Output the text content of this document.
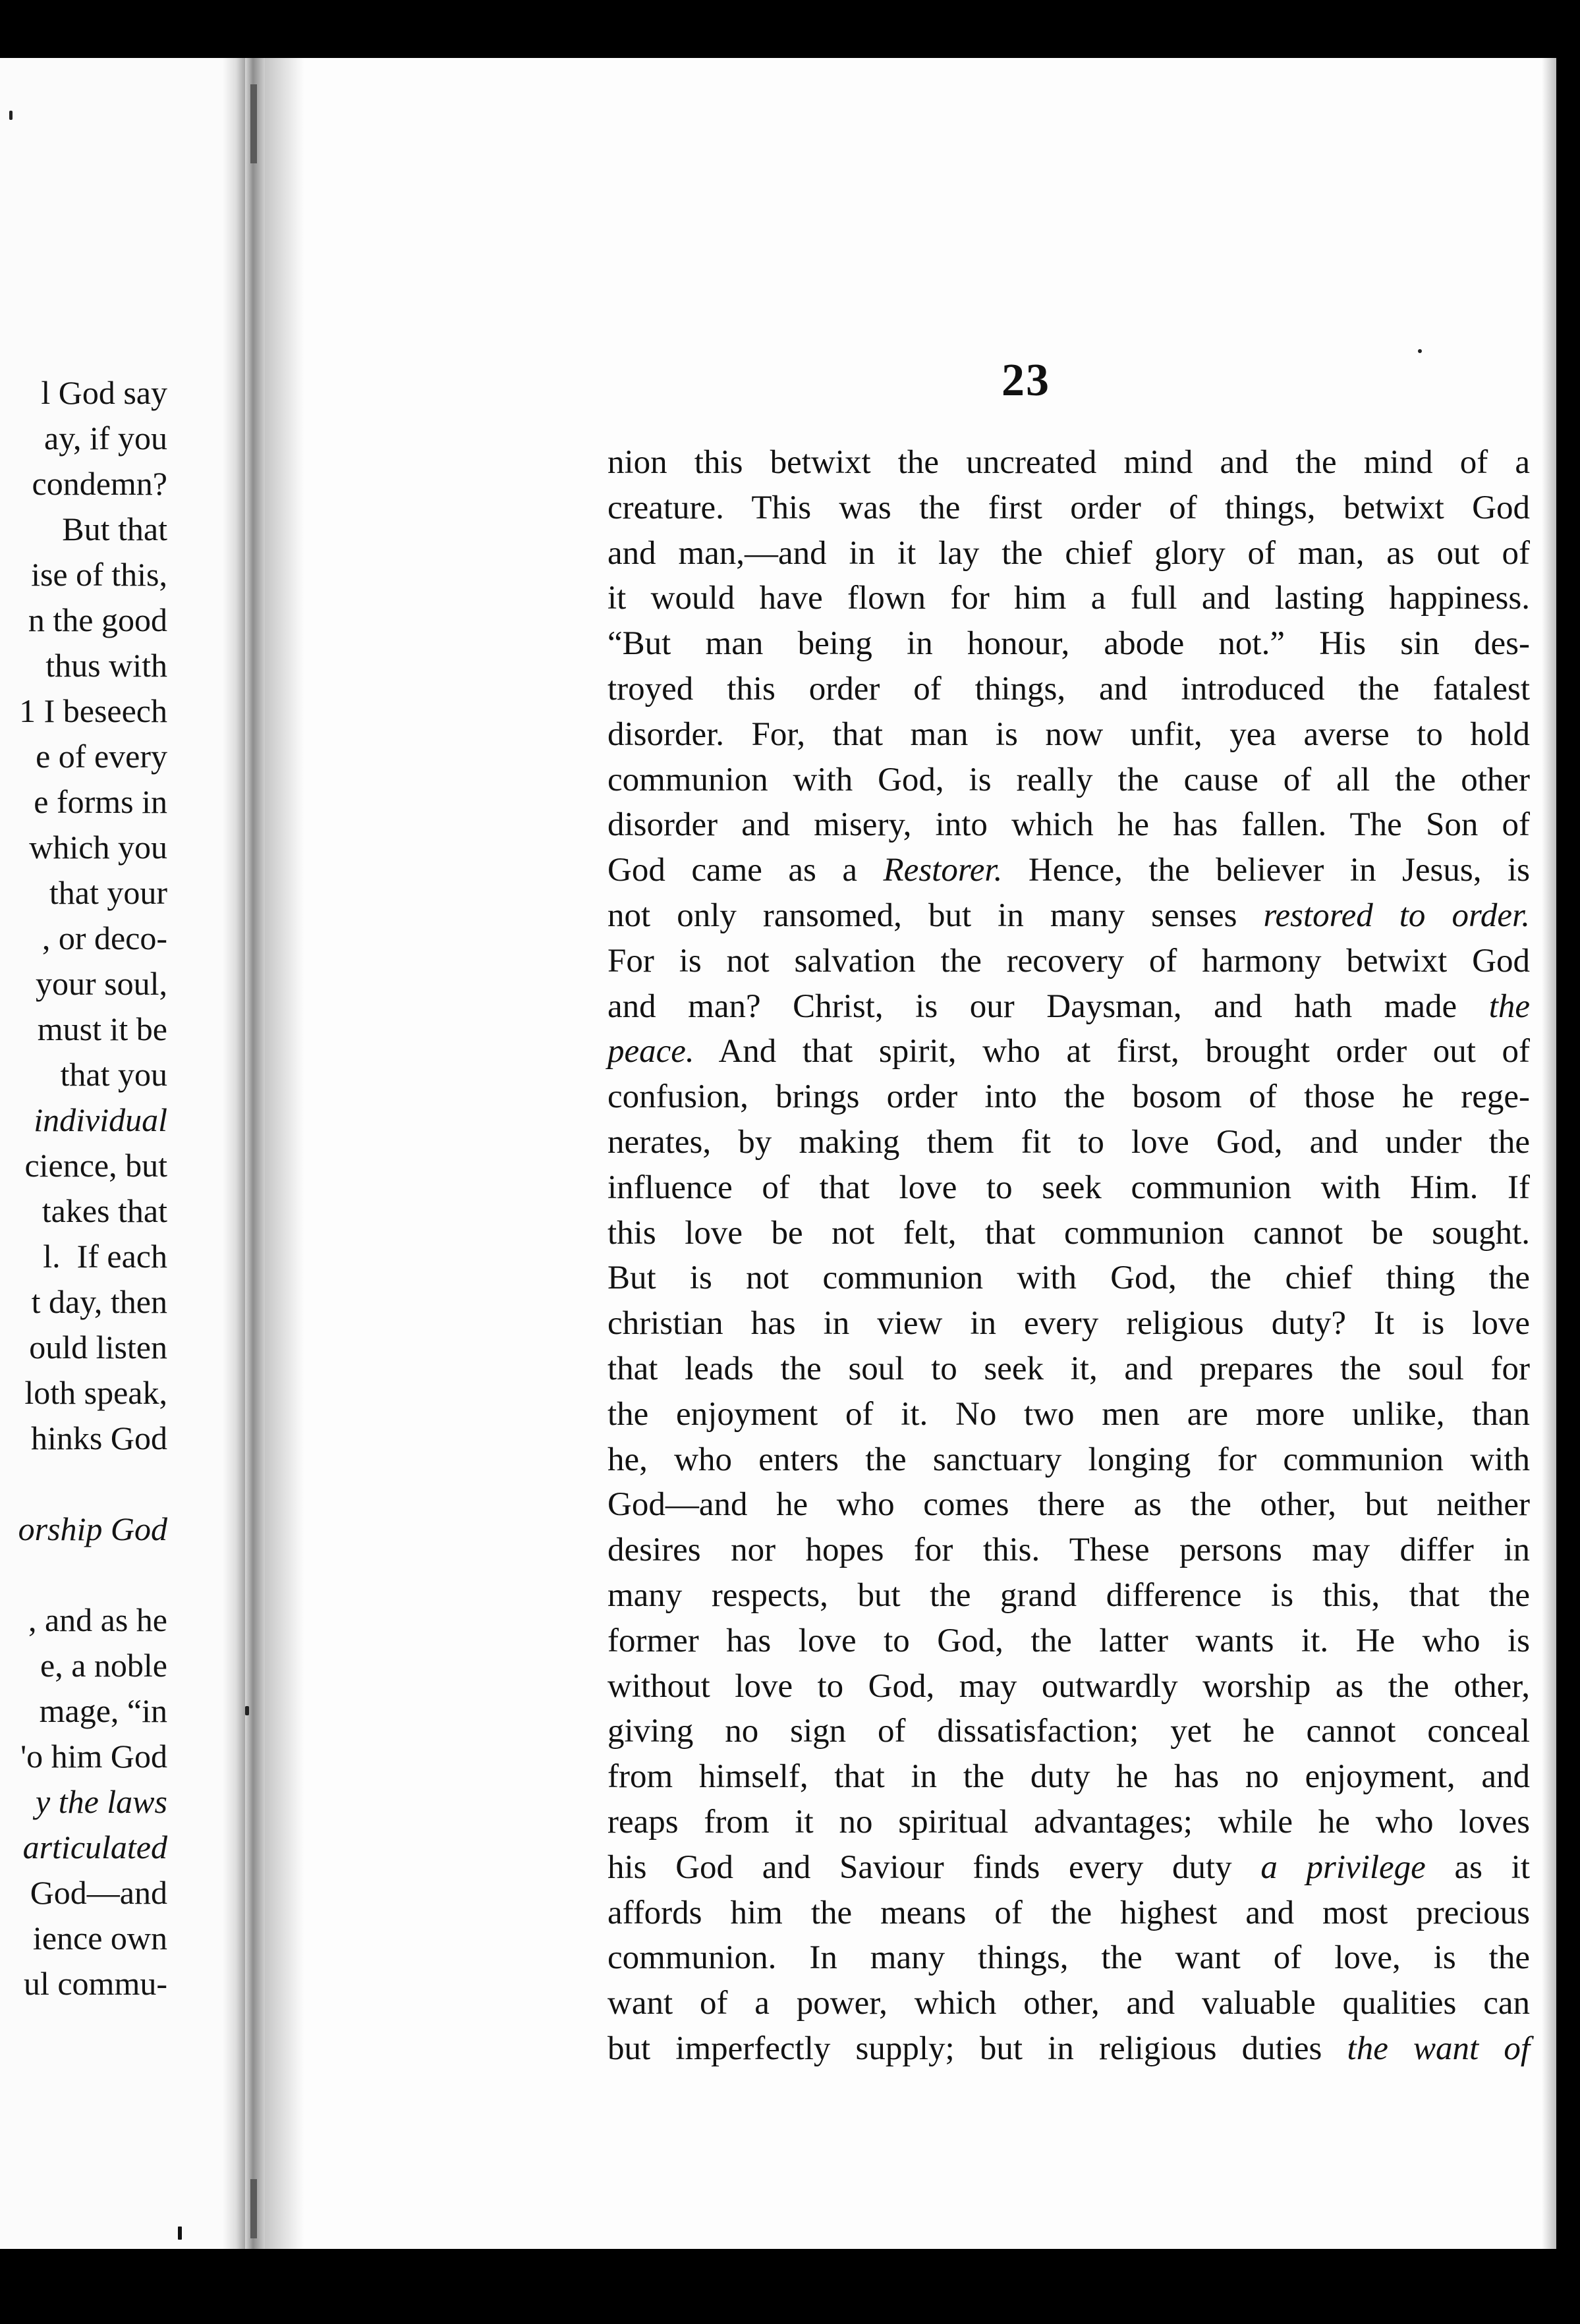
l God say
ay, if you
condemn?
But that
ise of this,
n the good
thus with
1 I beseech
e of every
e forms in
which you
that your
, or deco-
your soul,
must it be
that you
individual
cience, but
takes that
l.  If each
t day, then
ould listen
loth speak,
hinks God
orship God
, and as he
e, a noble
mage, “in
'o him God
y the laws
articulated
God—and
ience own
ul commu-
23
nion this betwixt the uncreated mind and the mind of a
creature. This was the first order of things, betwixt God
and man,—and in it lay the chief glory of man, as out of
it would have flown for him a full and lasting happiness.
“But man being in honour, abode not.” His sin des-
troyed this order of things, and introduced the fatalest
disorder. For, that man is now unfit, yea averse to hold
communion with God, is really the cause of all the other
disorder and misery, into which he has fallen. The Son of
God came as a Restorer. Hence, the believer in Jesus, is
not only ransomed, but in many senses restored to order.
For is not salvation the recovery of harmony betwixt God
and man? Christ, is our Daysman, and hath made the
peace. And that spirit, who at first, brought order out of
confusion, brings order into the bosom of those he rege-
nerates, by making them fit to love God, and under the
influence of that love to seek communion with Him. If
this love be not felt, that communion cannot be sought.
But is not communion with God, the chief thing the
christian has in view in every religious duty? It is love
that leads the soul to seek it, and prepares the soul for
the enjoyment of it. No two men are more unlike, than
he, who enters the sanctuary longing for communion with
God—and he who comes there as the other, but neither
desires nor hopes for this. These persons may differ in
many respects, but the grand difference is this, that the
former has love to God, the latter wants it. He who is
without love to God, may outwardly worship as the other,
giving no sign of dissatisfaction; yet he cannot conceal
from himself, that in the duty he has no enjoyment, and
reaps from it no spiritual advantages; while he who loves
his God and Saviour finds every duty a privilege as it
affords him the means of the highest and most precious
communion. In many things, the want of love, is the
want of a power, which other, and valuable qualities can
but imperfectly supply; but in religious duties the want of
